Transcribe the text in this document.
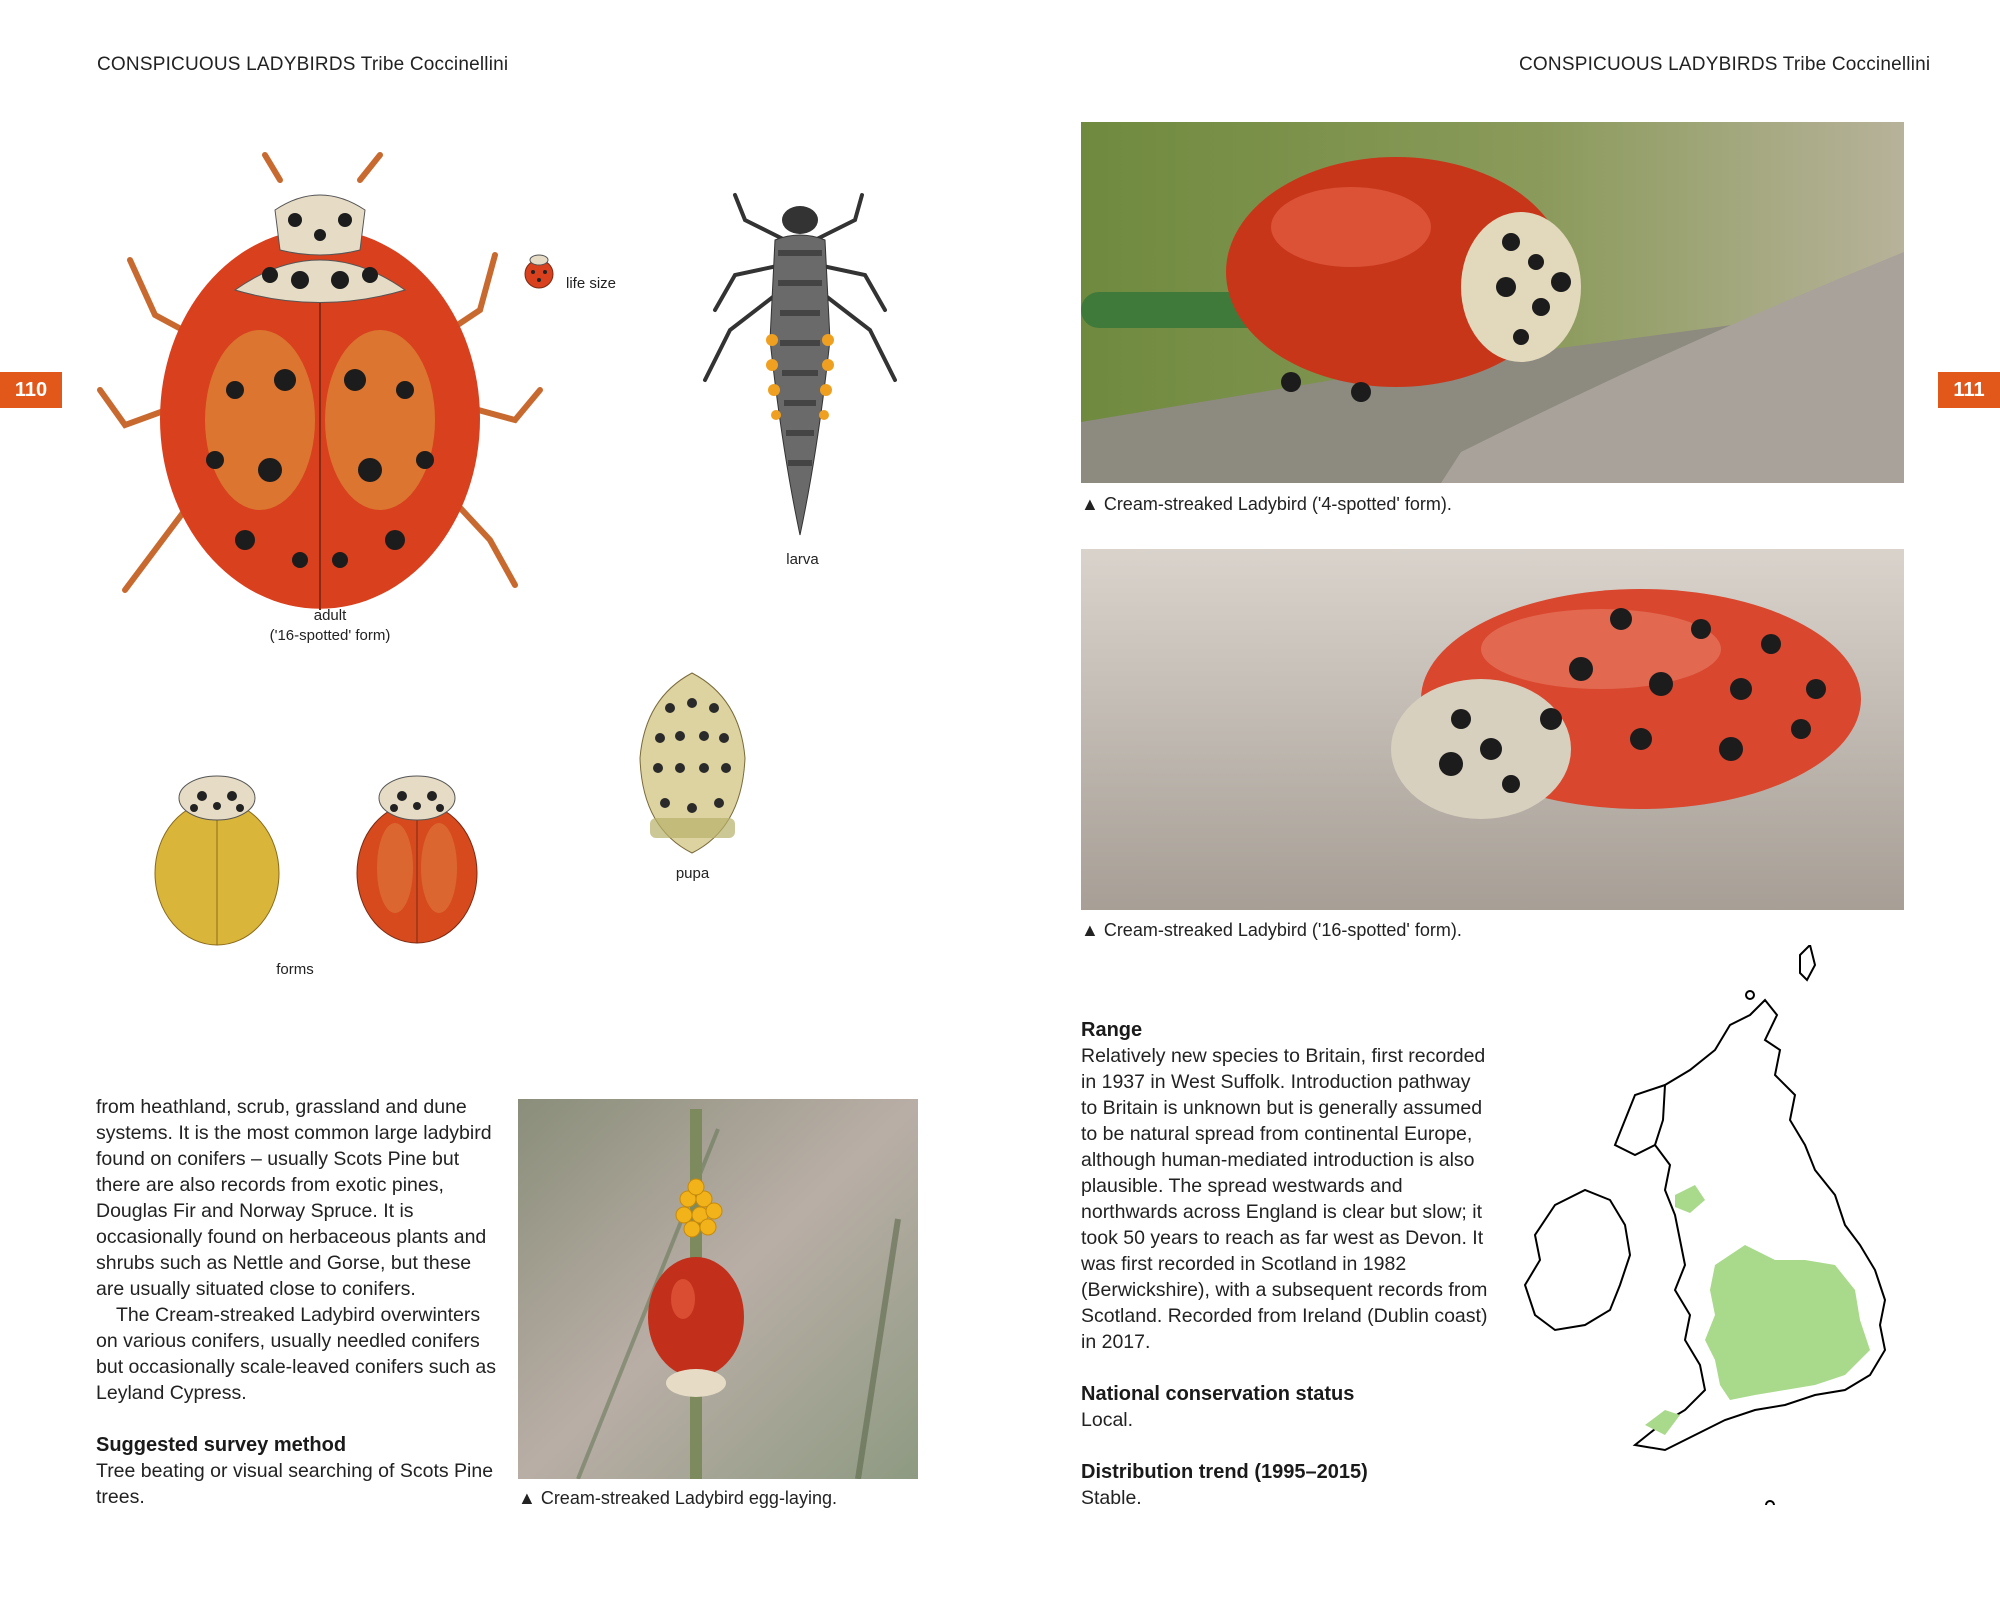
CONSPICUOUS LADYBIRDS Tribe Coccinellini	CONSPICUOUS LADYBIRDS Tribe Coccinellini
110	111
adult
('16-spotted' form)
life size
larva
pupa
forms

from heathland, scrub, grassland and dune systems. It is the most common large ladybird found on conifers – usually Scots Pine but there are also records from exotic pines, Douglas Fir and Norway Spruce. It is occasionally found on herbaceous plants and shrubs such as Nettle and Gorse, but these are usually situated close to conifers.

The Cream-streaked Ladybird overwinters on various conifers, usually needled conifers but occasionally scale-leaved conifers such as Leyland Cypress.

Suggested survey method

Tree beating or visual searching of Scots Pine trees.	▲ Cream-streaked Ladybird egg-laying.
▲ Cream-streaked Ladybird ('4-spotted' form).
▲ Cream-streaked Ladybird ('16-spotted' form).
Range

Relatively new species to Britain, first recorded in 1937 in West Suffolk. Introduction pathway to Britain is unknown but is generally assumed to be natural spread from continental Europe, although human-mediated introduction is also plausible. The spread westwards and northwards across England is clear but slow; it took 50 years to reach as far west as Devon. It was first recorded in Scotland in 1982 (Berwickshire), with a subsequent records from Scotland. Recorded from Ireland (Dublin coast) in 2017.

National conservation status

Local.

Distribution trend (1995–2015)

Stable.
